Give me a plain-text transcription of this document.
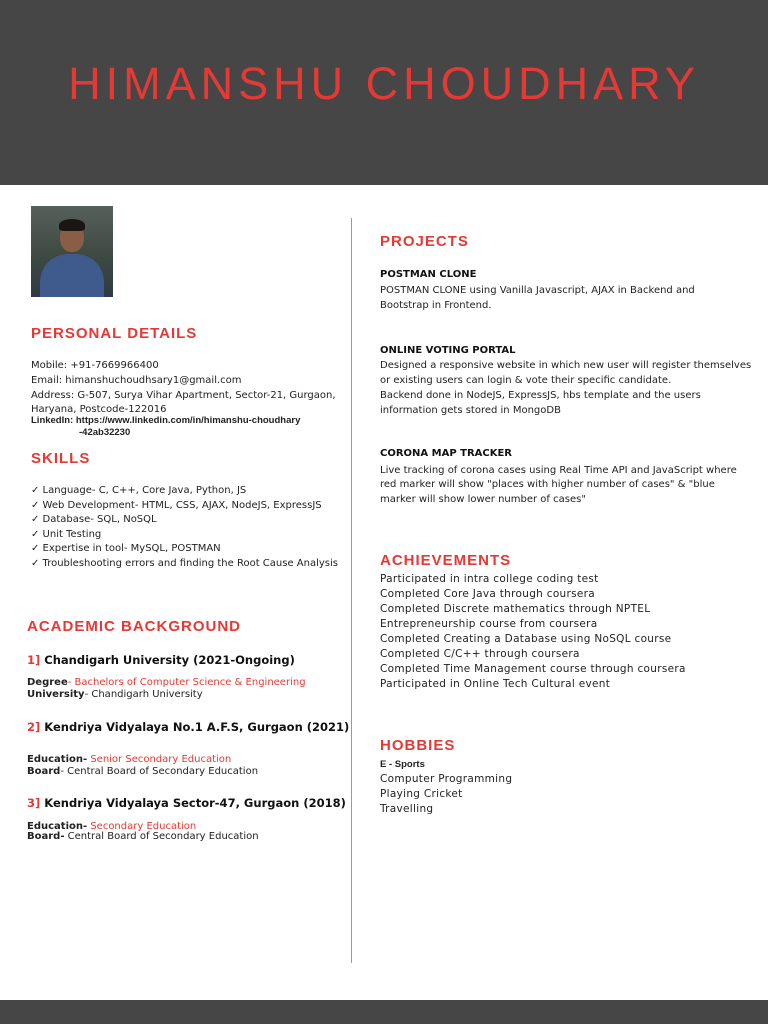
HIMANSHU CHOUDHARY
PERSONAL DETAILS
Mobile: +91-7669966400
Email: himanshuchoudhsary1@gmail.com
Address: G-507, Surya Vihar Apartment, Sector-21, Gurgaon,
Haryana, Postcode-122016
LinkedIn: https://www.linkedin.com/in/himanshu-choudhary
-42ab32230
SKILLS
✓ Language- C, C++, Core Java, Python, JS
✓ Web Development- HTML, CSS, AJAX, NodeJS, ExpressJS
✓ Database- SQL, NoSQL
✓ Unit Testing
✓ Expertise in tool- MySQL, POSTMAN
✓ Troubleshooting errors and finding the Root Cause Analysis
ACADEMIC BACKGROUND
1] Chandigarh University (2021-Ongoing)
Degree- Bachelors of Computer Science & Engineering
University- Chandigarh University
2] Kendriya Vidyalaya No.1 A.F.S, Gurgaon (2021)
Education- Senior Secondary Education
Board- Central Board of Secondary Education
3] Kendriya Vidyalaya Sector-47, Gurgaon (2018)
Education- Secondary Education
Board- Central Board of Secondary Education
PROJECTS
POSTMAN CLONE
POSTMAN CLONE using Vanilla Javascript, AJAX in Backend and
Bootstrap in Frontend.
ONLINE VOTING PORTAL
Designed a responsive website in which new user will register themselves
or existing users can login & vote their specific candidate.
Backend done in NodeJS, ExpressJS, hbs template and the users
information gets stored in MongoDB
CORONA MAP TRACKER
Live tracking of corona cases using Real Time API and JavaScript where
red marker will show "places with higher number of cases" & "blue
marker will show lower number of cases"
ACHIEVEMENTS
Participated in intra college coding test
Completed Core Java through coursera
Completed Discrete mathematics through NPTEL
Entrepreneurship course from coursera
Completed Creating a Database using NoSQL course
Completed C/C++ through coursera
Completed Time Management course through coursera
Participated in Online Tech Cultural event
HOBBIES
E - Sports
Computer Programming
Playing Cricket
Travelling
